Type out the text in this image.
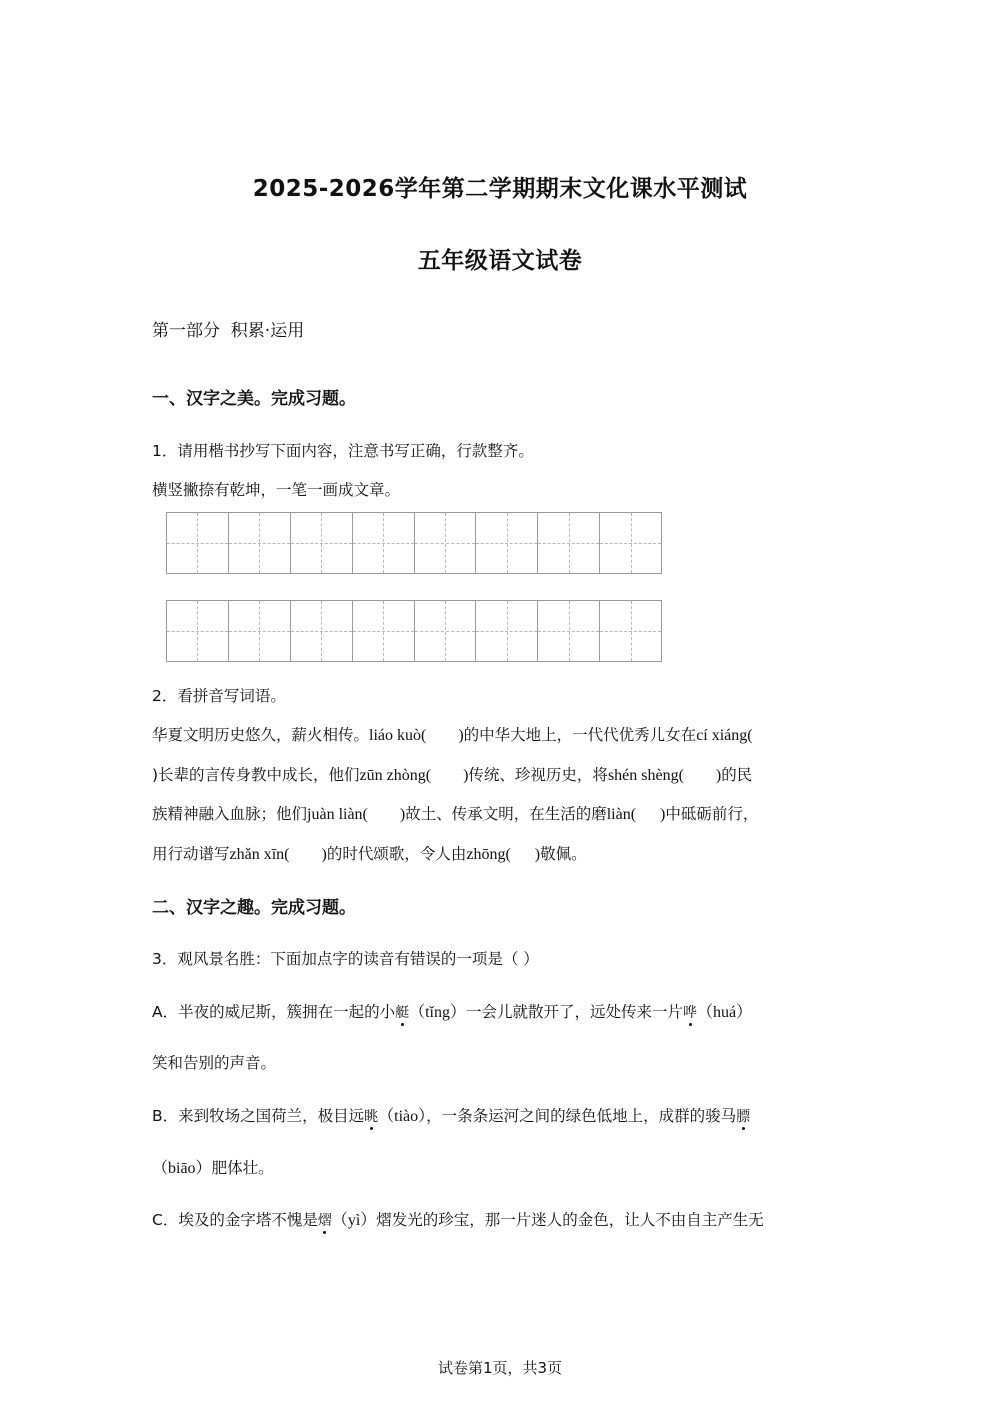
2025-2026学年第二学期期末文化课水平测试
五年级语文试卷
第一部分  积累·运用
一、汉字之美。完成习题。
1．请用楷书抄写下面内容，注意书写正确，行款整齐。
横竖撇捺有乾坤，一笔一画成文章。
2．看拼音写词语。
华夏文明历史悠久，薪火相传。liáo kuò(        )的中华大地上，一代代优秀儿女在cí xiáng(
)长辈的言传身教中成长，他们zūn zhòng(        )传统、珍视历史，将shén shèng(        )的民
族精神融入血脉；他们juàn liàn(        )故土、传承文明，在生活的磨liàn(      )中砥砺前行，
用行动谱写zhǎn xīn(        )的时代颂歌，令人由zhōng(      )敬佩。
二、汉字之趣。完成习题。
3．观风景名胜：下面加点字的读音有错误的一项是（ ）
A．半夜的威尼斯，簇拥在一起的小艇（tǐng）一会儿就散开了，远处传来一片哗（huá）
笑和告别的声音。
B．来到牧场之国荷兰，极目远眺（tiào），一条条运河之间的绿色低地上，成群的骏马膘
（biāo）肥体壮。
C．埃及的金字塔不愧是熠（yì）熠发光的珍宝，那一片迷人的金色，让人不由自主产生无
试卷第1页，共3页
